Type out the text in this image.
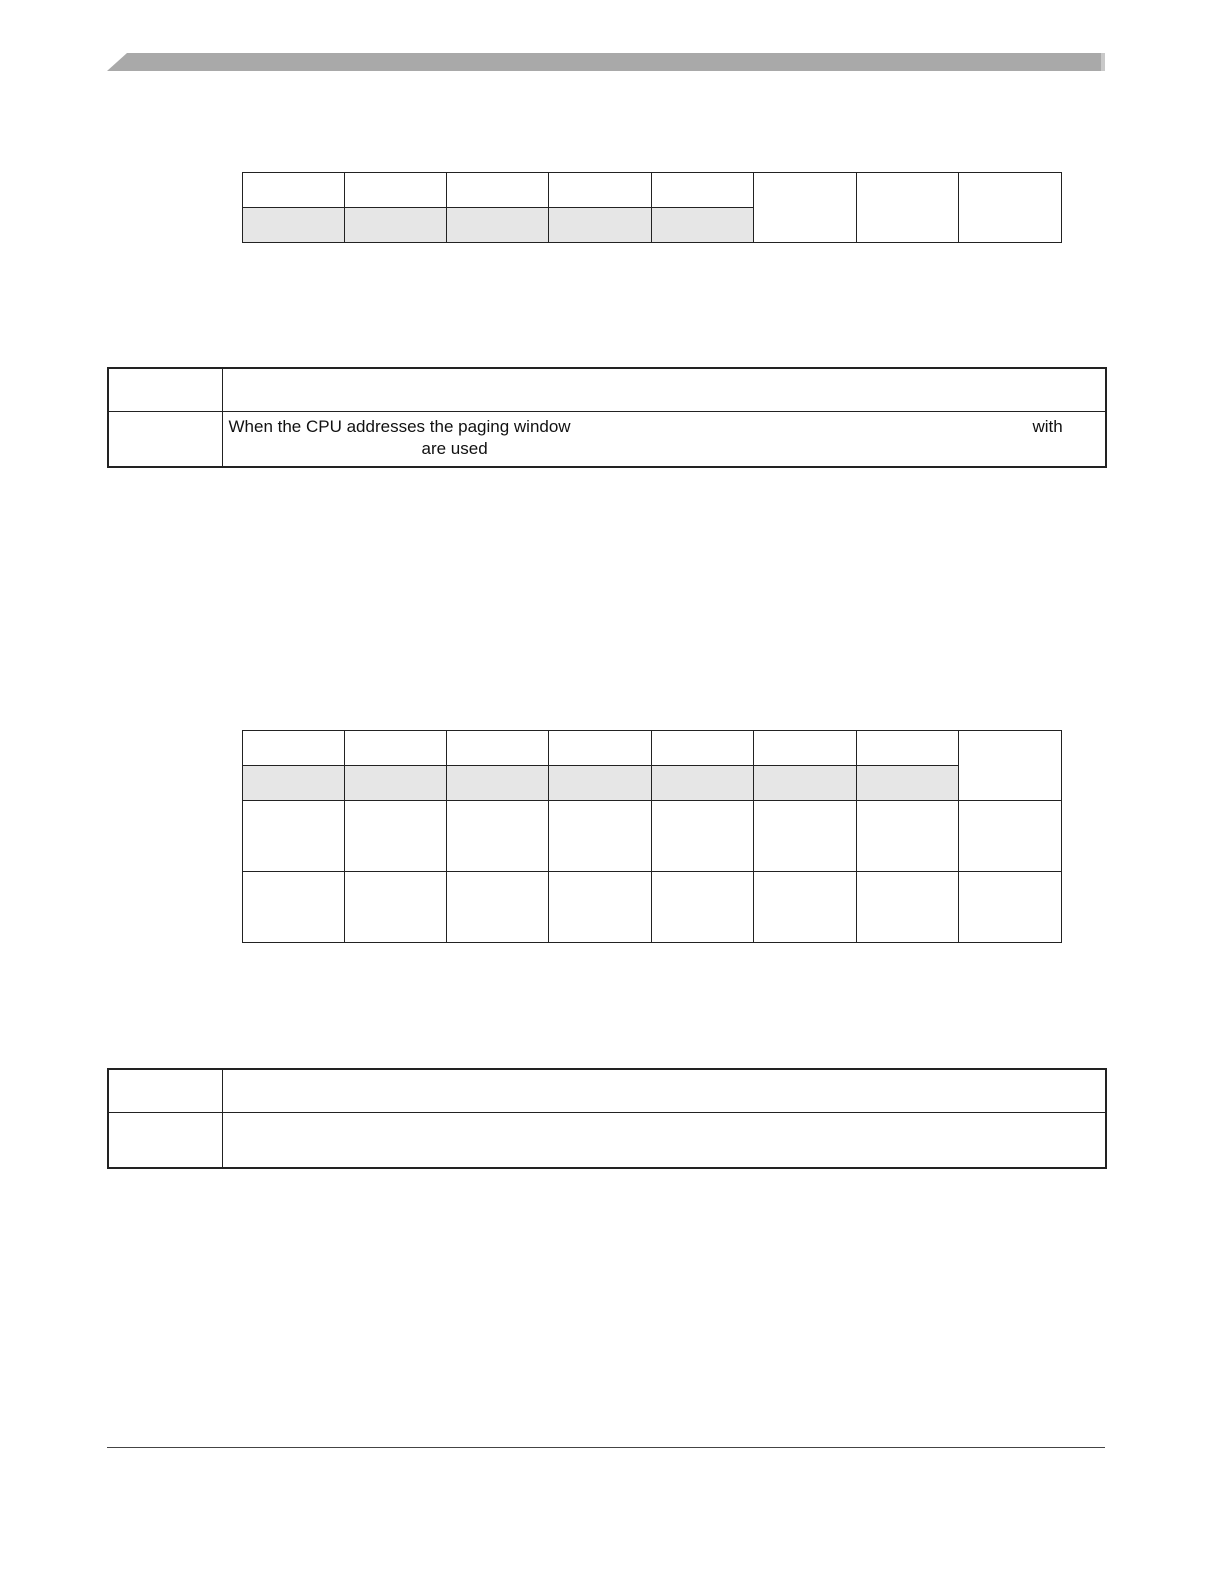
	When the CPU addresses the paging window with
are used
